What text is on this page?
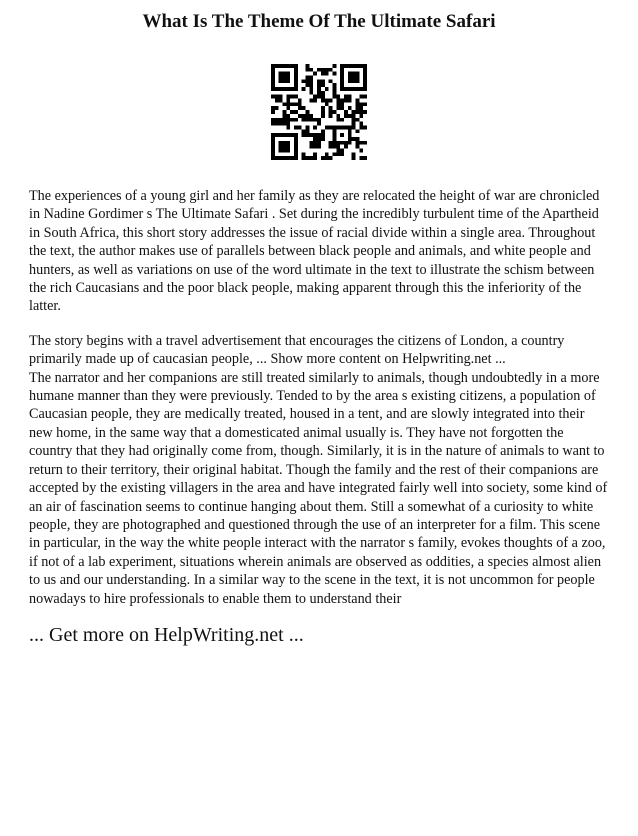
What Is The Theme Of The Ultimate Safari

The experiences of a young girl and her family as they are relocated the height of war are chronicled in Nadine Gordimer s The Ultimate Safari . Set during the incredibly turbulent time of the Apartheid in South Africa, this short story addresses the issue of racial divide within a single area. Throughout the text, the author makes use of parallels between black people and animals, and white people and hunters, as well as variations on use of the word ultimate in the text to illustrate the schism between the rich Caucasians and the poor black people, making apparent through this the inferiority of the latter.

The story begins with a travel advertisement that encourages the citizens of London, a country primarily made up of caucasian people, ... Show more content on Helpwriting.net ...

The narrator and her companions are still treated similarly to animals, though undoubtedly in a more humane manner than they were previously. Tended to by the area s existing citizens, a population of Caucasian people, they are medically treated, housed in a tent, and are slowly integrated into their new home, in the same way that a domesticated animal usually is. They have not forgotten the country that they had originally come from, though. Similarly, it is in the nature of animals to want to return to their territory, their original habitat. Though the family and the rest of their companions are accepted by the existing villagers in the area and have integrated fairly well into society, some kind of an air of fascination seems to continue hanging about them. Still a somewhat of a curiosity to white people, they are photographed and questioned through the use of an interpreter for a film. This scene in particular, in the way the white people interact with the narrator s family, evokes thoughts of a zoo, if not of a lab experiment, situations wherein animals are observed as oddities, a species almost alien to us and our understanding. In a similar way to the scene in the text, it is not uncommon for people nowadays to hire professionals to enable them to understand their

... Get more on HelpWriting.net ...
